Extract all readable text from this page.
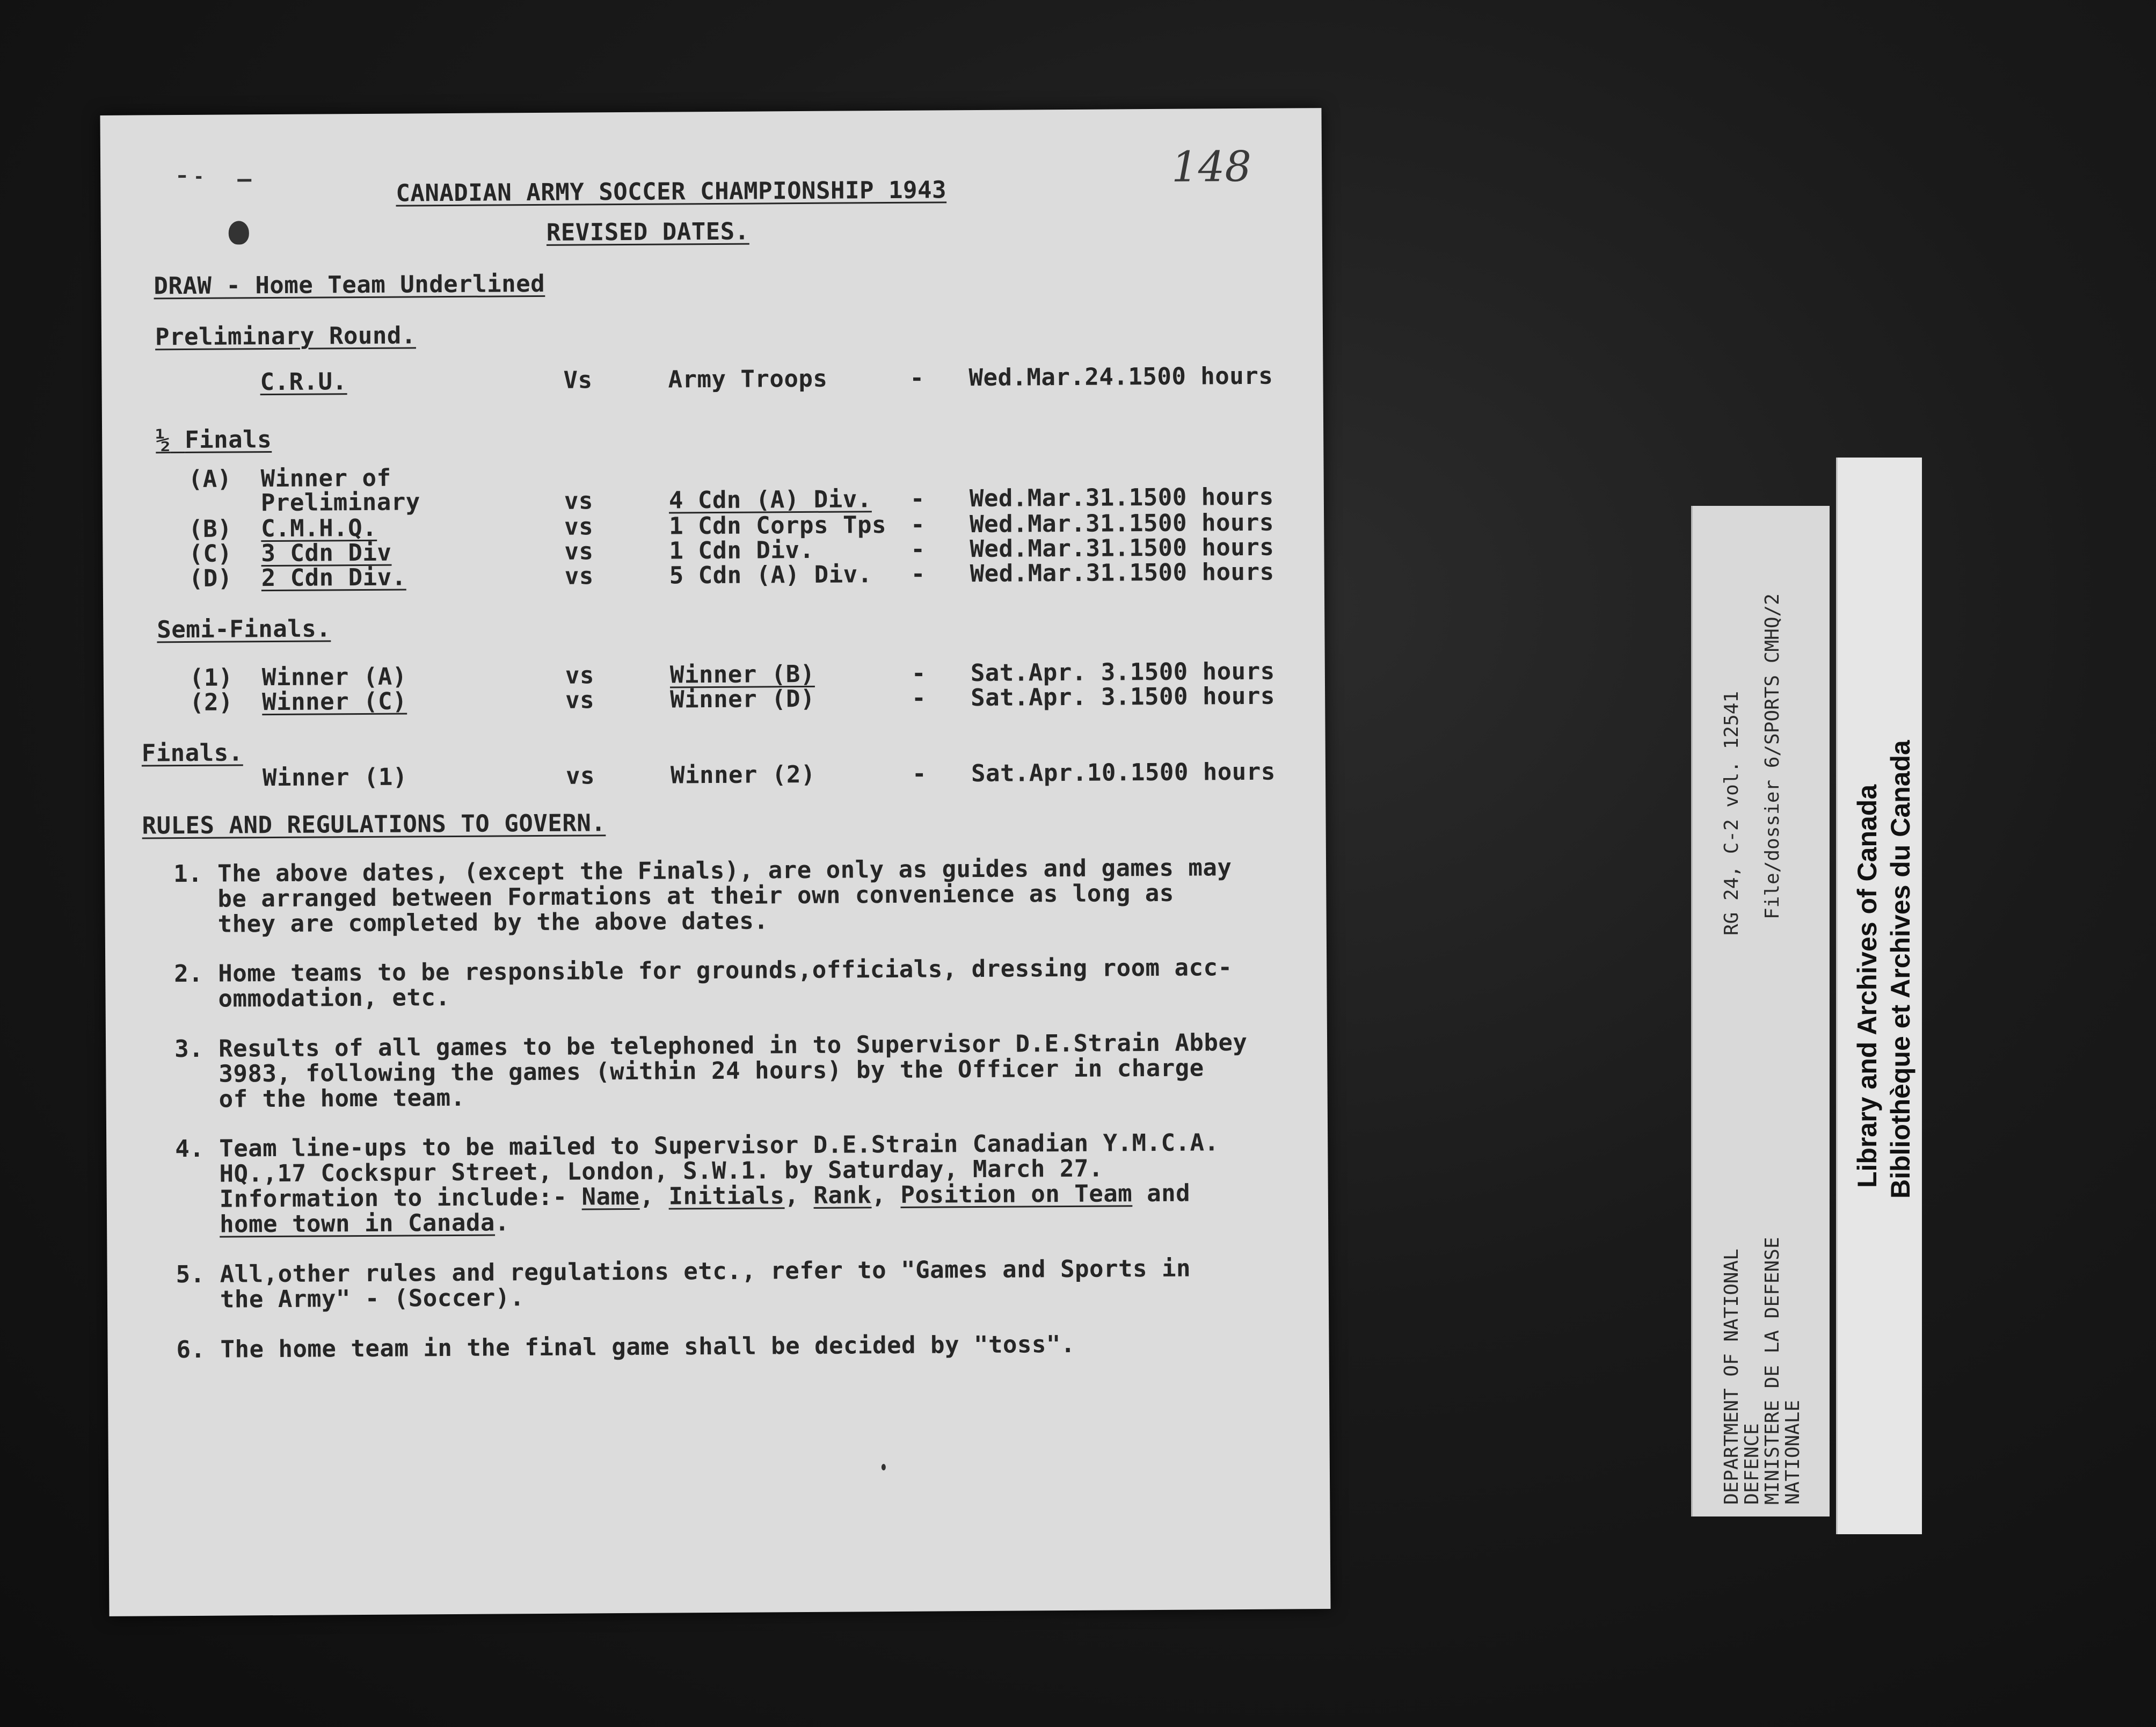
148
CANADIAN ARMY SOCCER CHAMPIONSHIP 1943
REVISED DATES.
DRAW - Home Team Underlined
Preliminary Round.
C.R.U.	Vs	Army Troops	- Wed.Mar.24.1500 hours
½ Finals
(A) Winner of
Preliminary	vs	4 Cdn (A) Div. - Wed.Mar.31.1500 hours
(B) C.M.H.Q.	vs	1 Cdn Corps Tps - Wed.Mar.31.1500 hours
(C) 3 Cdn Div	vs	1 Cdn Div.	- Wed.Mar.31.1500 hours
(D) 2 Cdn Div.	vs	5 Cdn (A) Div. - Wed.Mar.31.1500 hours
Semi-Finals.
(1) Winner (A)	vs	Winner (B)	- Sat.Apr. 3.1500 hours
(2) Winner (C)	vs	Winner (D)	- Sat.Apr. 3.1500 hours
Finals.
Winner (1)	vs	Winner (2)	- Sat.Apr.10.1500 hours
RULES AND REGULATIONS TO GOVERN.
1. The above dates, (except the Finals), are only as guides and games may
be arranged between Formations at their own convenience as long as
they are completed by the above dates.
2. Home teams to be responsible for grounds,officials, dressing room acc-
ommodation, etc.
3. Results of all games to be telephoned in to Supervisor D.E.Strain Abbey
3983, following the games (within 24 hours) by the Officer in charge
of the home team.
4. Team line-ups to be mailed to Supervisor D.E.Strain Canadian Y.M.C.A.
HQ.,17 Cockspur Street, London, S.W.1. by Saturday, March 27.
Information to include:- Name, Initials, Rank, Position on Team and
home town in Canada.
5. All,other rules and regulations etc., refer to "Games and Sports in
the Army" - (Soccer).
6. The home team in the final game shall be decided by "toss".
RG 24, C-2 vol. 12541 File/dossier 6/SPORTS CMHQ/2
DEPARTMENT OF NATIONAL
DEFENCE
MINISTERE DE LA DEFENSE
NATIONALE
Library and Archives of Canada Bibliothèque et Archives du Canada
